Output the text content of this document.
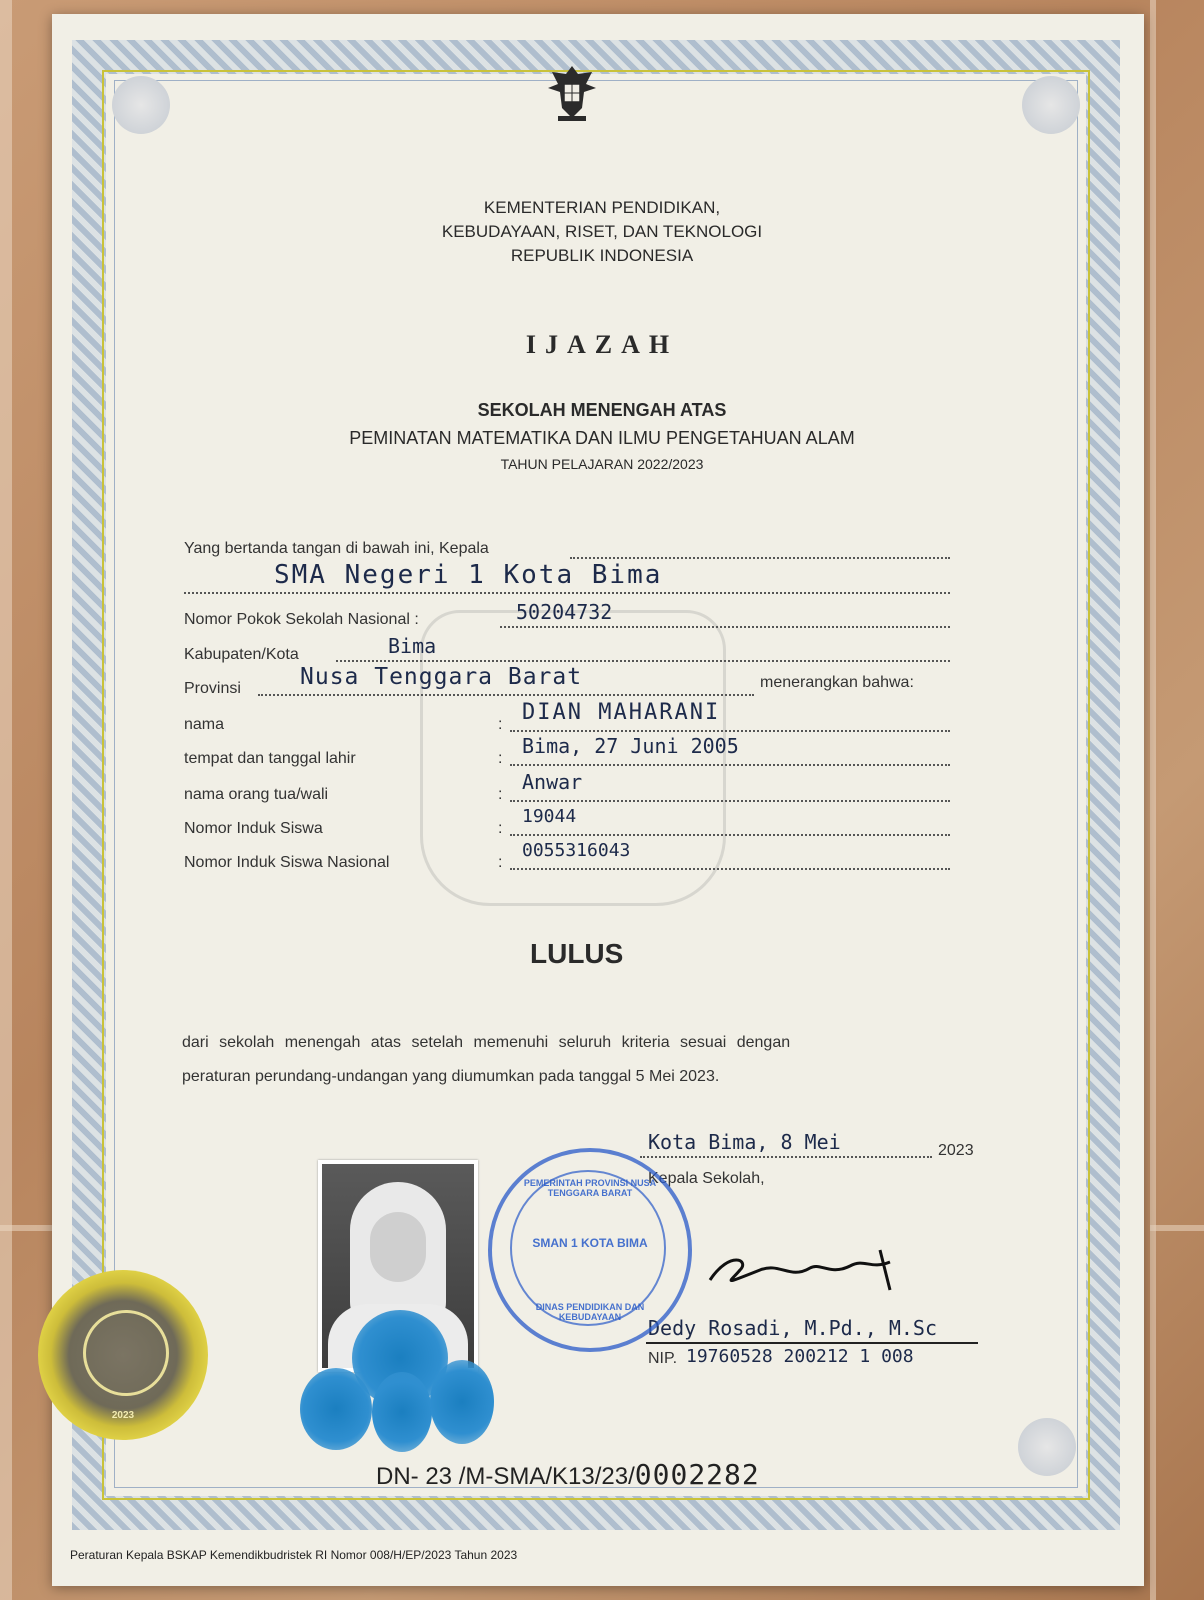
KEMENTERIAN PENDIDIKAN,
KEBUDAYAAN, RISET, DAN TEKNOLOGI
REPUBLIK INDONESIA
IJAZAH
SEKOLAH MENENGAH ATAS
PEMINATAN MATEMATIKA DAN ILMU PENGETAHUAN ALAM
TAHUN PELAJARAN 2022/2023
Yang bertanda tangan di bawah ini, Kepala
SMA Negeri 1 Kota Bima
Nomor Pokok Sekolah Nasional :	50204732
Kabupaten/Kota	Bima
Provinsi	Nusa Tenggara Barat	menerangkan bahwa:
nama	: DIAN MAHARANI
tempat dan tanggal lahir	:
Bima, 27 Juni 2005
nama orang tua/wali	:
Anwar
Nomor Induk Siswa	:
19044
Nomor Induk Siswa Nasional	:
0055316043
LULUS
dari sekolah menengah atas setelah memenuhi seluruh kriteria sesuai dengan
peraturan perundang-undangan yang diumumkan pada tanggal 5 Mei 2023.
Kota Bima, 8 Mei	2023
Kepala Sekolah,
Dedy Rosadi, M.Pd., M.Sc
NIP. 19760528 200212 1 008
PEMERINTAH PROVINSI NUSA TENGGARA BARAT
SMAN 1 KOTA BIMA
DINAS PENDIDIKAN DAN KEBUDAYAAN
2023
DN- 23 /M-SMA/K13/23/0002282
Peraturan Kepala BSKAP Kemendikbudristek RI Nomor 008/H/EP/2023 Tahun 2023
